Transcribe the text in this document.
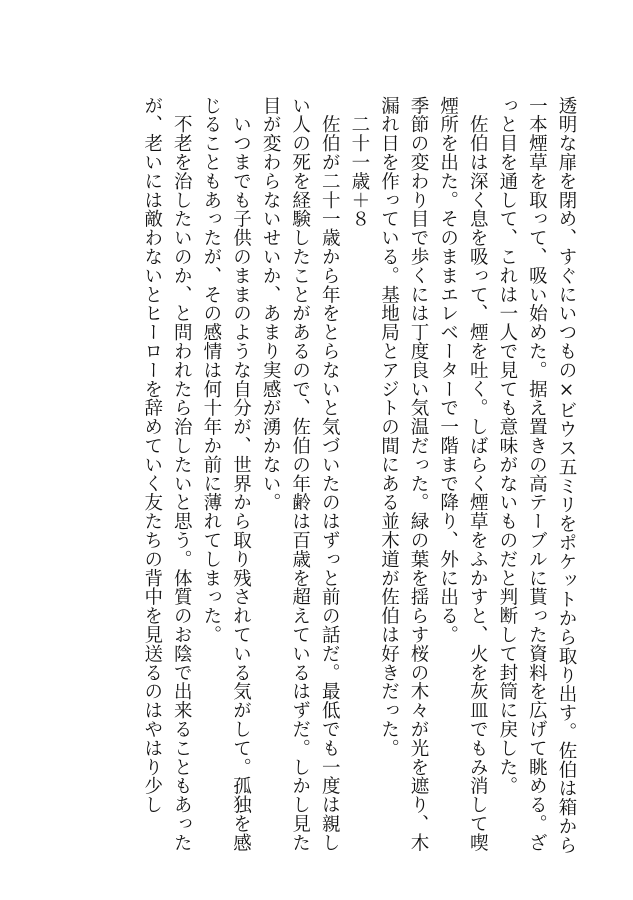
透明な扉を閉め、すぐにいつもの×ビウス五ミリをポケットから取り出す。佐伯は箱から一本煙草を取って、吸い始めた。据え置きの高テーブルに貰った資料を広げて眺める。ざっと目を通して、これは一人で見ても意味がないものだと判断して封筒に戻した。

　佐伯は深く息を吸って、煙を吐く。しばらく煙草をふかすと、火を灰皿でもみ消して喫煙所を出た。そのままエレベーターで一階まで降り、外に出る。

季節の変わり目で歩くには丁度良い気温だった。緑の葉を揺らす桜の木々が光を遮り、木漏れ日を作っている。基地局とアジトの間にある並木道が佐伯は好きだった。

　二十一歳＋８

　佐伯が二十一歳から年をとらないと気づいたのはずっと前の話だ。最低でも一度は親しい人の死を経験したことがあるので、佐伯の年齢は百歳を超えているはずだ。しかし見た目が変わらないせいか、あまり実感が湧かない。

　いつまでも子供のままのような自分が、世界から取り残されている気がして。孤独を感じることもあったが、その感情は何十年か前に薄れてしまった。

　不老を治したいのか、と問われたら治したいと思う。体質のお陰で出来ることもあったが、老いには敵わないとヒーローを辞めていく友たちの背中を見送るのはやはり少し
